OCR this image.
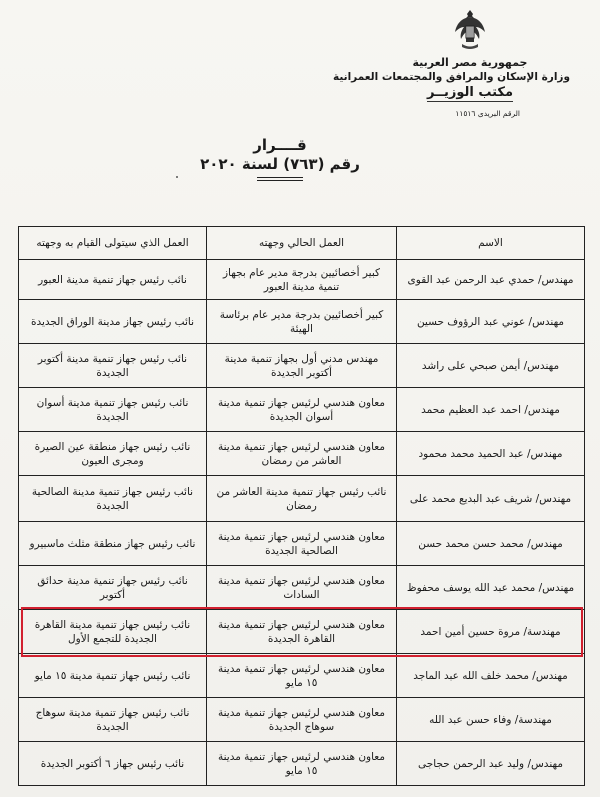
جمهورية مصر العربية
وزارة الإسكان والمرافق والمجتمعات العمرانية
مكتب الوزيــر
الرقم البريدى ١١٥١٦
قــــرار
رقم (٧٦٣) لسنة ٢٠٢٠
الاسم	العمل الحالي وجهته	العمل الذي سيتولى القيام به وجهته
مهندس/ حمدي عبد الرحمن عبد القوى	كبير أخصائيين بدرجة مدير عام بجهاز تنمية مدينة العبور	نائب رئيس جهاز تنمية مدينة العبور
مهندس/ عوني عبد الرؤوف حسين	كبير أخصائيين بدرجة مدير عام برئاسة الهيئة	نائب رئيس جهاز مدينة الوراق الجديدة
مهندس/ أيمن صبحي على راشد	مهندس مدني أول بجهاز تنمية مدينة أكتوبر الجديدة	نائب رئيس جهاز تنمية مدينة أكتوبر الجديدة
مهندس/ احمد عبد العظيم محمد	معاون هندسي لرئيس جهاز تنمية مدينة أسوان الجديدة	نائب رئيس جهاز تنمية مدينة أسوان الجديدة
مهندس/ عبد الحميد محمد محمود	معاون هندسي لرئيس جهاز تنمية مدينة العاشر من رمضان	نائب رئيس جهاز منطقة عين الصيرة ومجرى العيون
مهندس/ شريف عبد البديع محمد على	نائب رئيس جهاز تنمية مدينة العاشر من رمضان	نائب رئيس جهاز تنمية مدينة الصالحية الجديدة
مهندس/ محمد حسن محمد حسن	معاون هندسي لرئيس جهاز تنمية مدينة الصالحية الجديدة	نائب رئيس جهاز منطقة مثلث ماسبيرو
مهندس/ محمد عبد الله يوسف محفوظ	معاون هندسي لرئيس جهاز تنمية مدينة السادات	نائب رئيس جهاز تنمية مدينة حدائق أكتوبر
مهندسة/ مروة حسين أمين احمد	معاون هندسي لرئيس جهاز تنمية مدينة القاهرة الجديدة	نائب رئيس جهاز تنمية مدينة القاهرة الجديدة للتجمع الأول
مهندس/ محمد خلف الله عبد الماجد	معاون هندسي لرئيس جهاز تنمية مدينة ١٥ مايو	نائب رئيس جهاز تنمية مدينة ١٥ مايو
مهندسة/ وفاء حسن عبد الله	معاون هندسي لرئيس جهاز تنمية مدينة سوهاج الجديدة	نائب رئيس جهاز تنمية مدينة سوهاج الجديدة
مهندس/ وليد عبد الرحمن حجاجى	معاون هندسي لرئيس جهاز تنمية مدينة ١٥ مايو	نائب رئيس جهاز ٦ أكتوبر الجديدة
